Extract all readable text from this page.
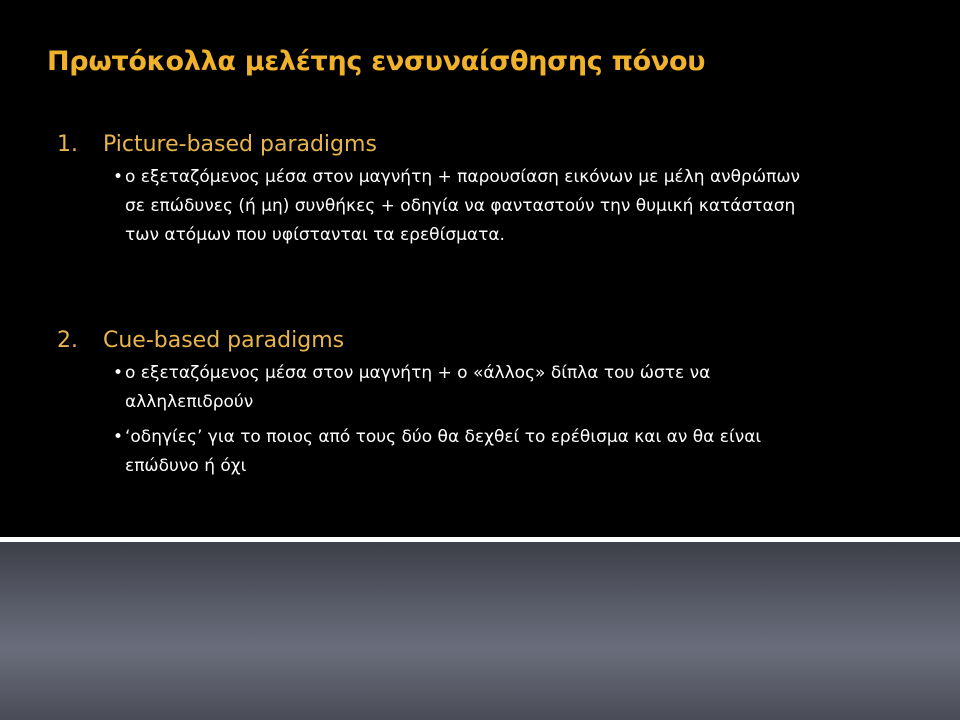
Πρωτόκολλα μελέτης ενσυναίσθησης πόνου
1.	Picture-based paradigms
• ο εξεταζόμενος μέσα στον μαγνήτη + παρουσίαση εικόνων με μέλη ανθρώπων σε επώδυνες (ή μη) συνθήκες + οδηγία να φανταστούν την θυμική κατάσταση των ατόμων που υφίστανται τα ερεθίσματα.
2.	Cue-based paradigms
• ο εξεταζόμενος μέσα στον μαγνήτη + ο «άλλος» δίπλα του ώστε να αλληλεπιδρούν
• ‘οδηγίες’ για το ποιος από τους δύο θα δεχθεί το ερέθισμα και αν θα είναι επώδυνο ή όχι
